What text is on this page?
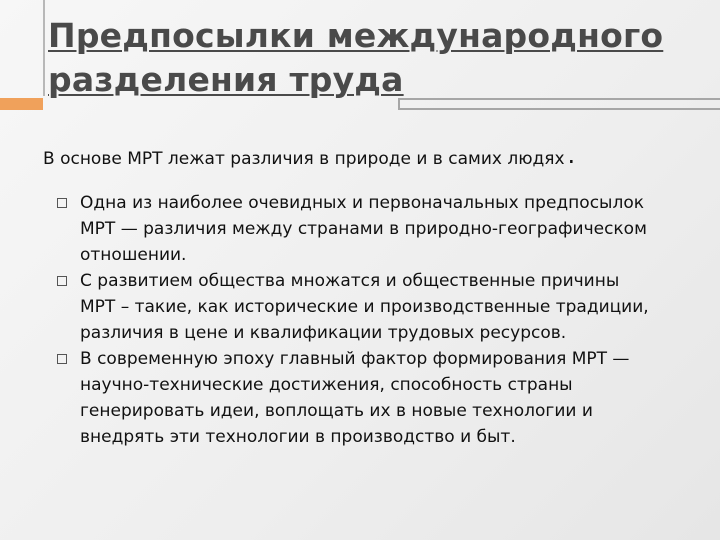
Предпосылки международного разделения труда

В основе МРТ лежат различия в природе и в самих людях .

Одна из наиболее очевидных и первоначальных предпосылок МРТ — различия между странами в природно-географическом отношении.
С развитием общества множатся и общественные причины МРТ – такие, как исторические и производственные традиции, различия в цене и квалификации трудовых ресурсов.
В современную эпоху главный фактор формирования МРТ — научно-технические достижения, способность страны генерировать идеи, воплощать их в новые технологии и внедрять эти технологии в производство и быт.
